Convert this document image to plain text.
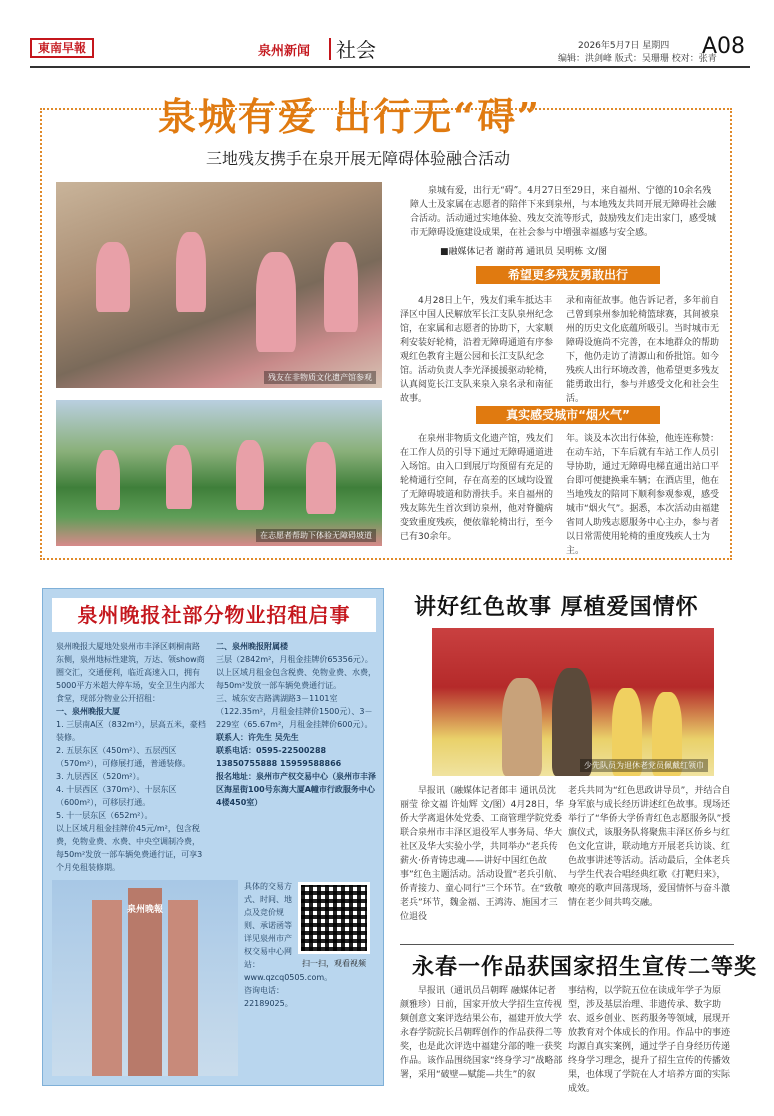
東南早報	泉州新闻 社会	2026年5月7日 星期四
编辑：洪剑峰 版式：吴珊珊 校对：张青
A08
泉城有爱 出行无“碍”
三地残友携手在泉开展无障碍体验融合活动
残友在非物质文化遗产馆参观
在志愿者帮助下体验无障碍坡道
泉城有爱，出行无“碍”。4月27日至29日，来自福州、宁德的10余名残障人士及家属在志愿者的陪伴下来到泉州，与本地残友共同开展无障碍社会融合活动。活动通过实地体验、残友交流等形式，鼓励残友们走出家门，感受城市无障碍设施建设成果，在社会参与中增强幸福感与安全感。
■融媒体记者 谢莳苒 通讯员 吴明栋 文/图
希望更多残友勇敢出行
4月28日上午，残友们乘车抵达丰泽区中国人民解放军长江支队泉州纪念馆，在家属和志愿者的协助下，大家顺利安装好轮椅，沿着无障碍通道有序参观红色教育主题公园和长江支队纪念馆。活动负责人李光泽援援驱动轮椅，认真阅览长江支队来泉入泉名录和南征故事。
录和南征故事。他告诉记者，多年前自己曾到泉州参加轮椅篮球赛，其间被泉州的历史文化底蕴所吸引。当时城市无障碍设施尚不完善，在本地群众的帮助下，他仍走访了清源山和侨批馆。如今残疾人出行环境改善，他希望更多残友能勇敢出行，参与并感受文化和社会生活。
真实感受城市“烟火气”
在泉州非物质文化遗产馆，残友们在工作人员的引导下通过无障碍通道进入场馆。由入口到展厅均预留有充足的轮椅通行空间，存在高差的区域均设置了无障碍坡道和防滑扶手。来自福州的残友陈先生首次到访泉州，他对脊髓病变致重度残疾，便依靠轮椅出行，至今已有30余年。
年。谈及本次出行体验，他连连称赞：在动车站，下车后就有车站工作人员引导协助，通过无障碍电梯直通出站口平台即可便捷换乘车辆；在酒店里，他在当地残友的陪同下顺利参观参观，感受城市“烟火气”。据悉，本次活动由福建省同人助残志愿服务中心主办，参与者以日常需使用轮椅的重度残疾人士为主。
泉州晚报社部分物业招租启事
泉州晚报大厦地处泉州市丰泽区刺桐南路东侧，泉州地标性建筑，万达、领show商圈交汇，交通便利，临近高速入口，拥有5000平方米超大停车场，安全卫生内部大食堂，现部分物业公开招租：
一、泉州晚报大厦
1. 三层南A区（832m²），层高五米，豪档装修。
2. 五层东区（450m²）、五层西区（570m²），可修展打通，普通装修。
3. 九层西区（520m²）。
4. 十层西区（370m²）、十层东区（600m²），可移层打通。
5. 十一层东区（652m²）。
以上区域月租金挂牌价45元/m²，包含税费，免物业费、水费、中央空调制冷费，每50m²发放一部车辆免费通行证，可享3个月免租装修期。
二、泉州晚报附属楼
三层（2842m²，月租金挂牌价65356元）。以上区域月租金包含税费、免物业费、水费，每50m²发放一部车辆免费通行证。
三、城东安吉路满湖路3－1101室（122.35m²，月租金挂牌价1500元）、3－229室（65.67m²，月租金挂牌价600元）。
联系人：许先生 吴先生
联系电话：0595-22500288 13850755888 15959588866
报名地址：泉州市产权交易中心（泉州市丰泽区海星街100号东海大厦A幢市行政服务中心4楼450室）
具体的交易方式、时间、地点及竞价规则、承诺函等详见泉州市产权交易中心网站：www.qzcq0505.com。咨询电话：22189025。
泉州晚報
扫一扫，观看视频
讲好红色故事 厚植爱国情怀
少先队员为退休老党员佩戴红领巾
早报讯（融媒体记者郎丰 通讯员沈丽莹 徐文福 许灿辉 文/图）4月28日，华侨大学离退休处党委、工商管理学院党委联合泉州市丰泽区退役军人事务局、华大社区及华大实验小学，共同举办“老兵传薪火·侨青铸忠魂——讲好中国红色故事”红色主题活动。活动设置“老兵引航、侨青接力、童心同行”三个环节。在“致敬老兵”环节，魏金福、王鸿涛、施国才三位退役
老兵共同为“红色思政讲导员”，并结合自身军旅与成长经历讲述红色故事。现场还举行了“华侨大学侨青红色志愿服务队”授旗仪式，该服务队将聚焦丰泽区侨乡与红色文化宣讲，联动地方开展老兵访谈、红色故事讲述等活动。活动最后，全体老兵与学生代表合唱经典红歌《打靶归来》，嘹亮的歌声回荡现场，爱国情怀与奋斗激情在老少间共鸣交融。
永春一作品获国家招生宣传二等奖
早报讯（通讯员吕朝晖 融媒体记者颜雅珍）日前，国家开放大学招生宣传视频创意文案评选结果公布，福建开放大学永春学院院长吕朝晖创作的作品获得二等奖，也是此次评选中福建分部的唯一获奖作品。该作品围绕国家“终身学习”战略部署，采用“破壁—赋能—共生”的叙
事结构，以学院五位在读成年学子为原型，涉及基层治理、非遗传承、数字助农、返乡创业、医药服务等领域，展现开放教育对个体成长的作用。作品中的事迹均源自真实案例，通过学子自身经历传递终身学习理念，提升了招生宣传的传播效果，也体现了学院在人才培养方面的实际成效。
